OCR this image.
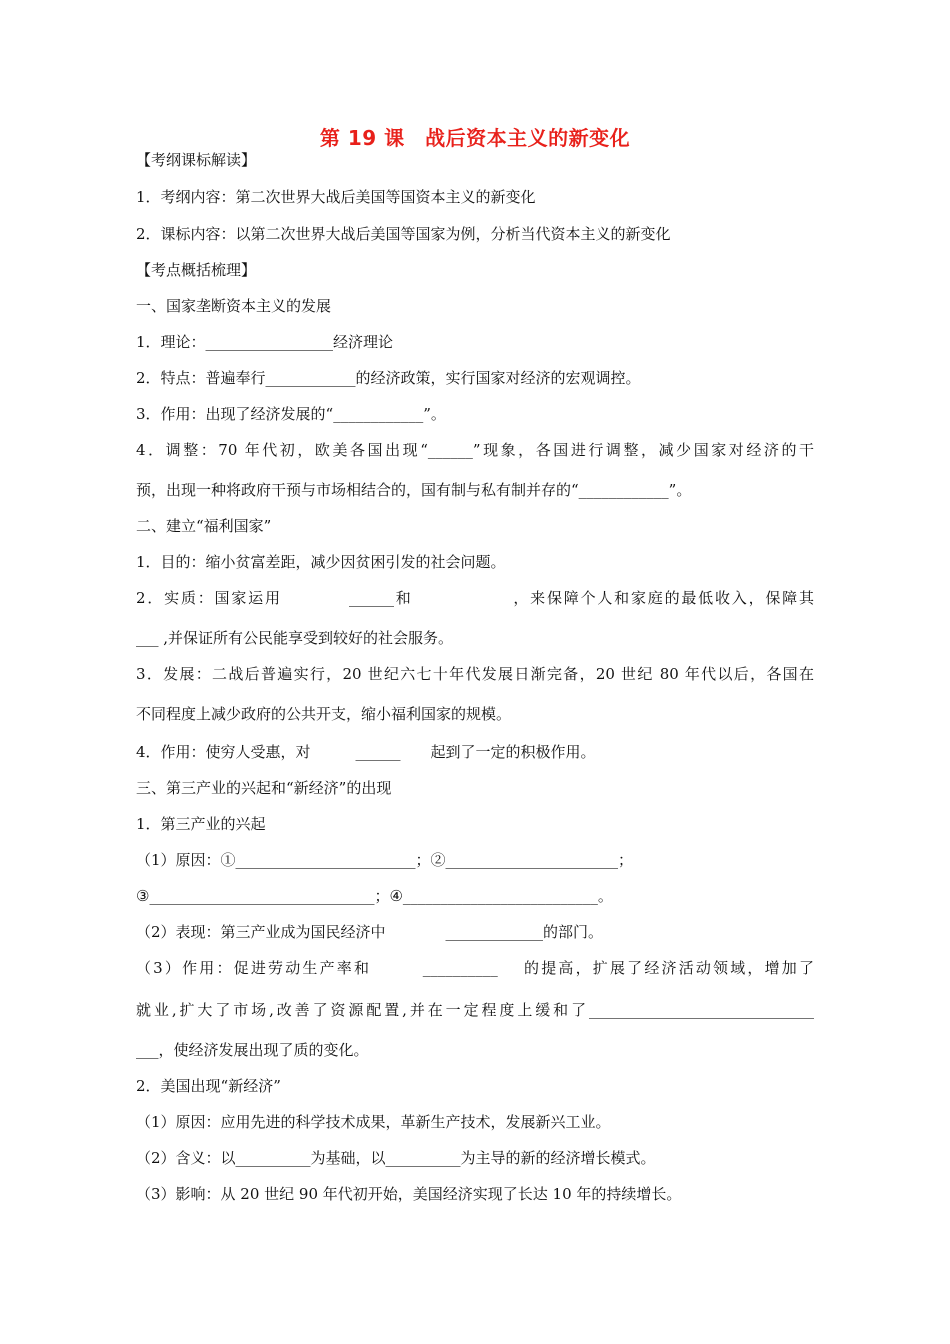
第 19 课　战后资本主义的新变化
【考纲课标解读】
1．考纲内容：第二次世界大战后美国等国资本主义的新变化
2．课标内容：以第二次世界大战后美国等国家为例，分析当代资本主义的新变化
【考点概括梳理】
一、国家垄断资本主义的发展
1．理论：_________________经济理论
2．特点：普遍奉行____________的经济政策，实行国家对经济的宏观调控。
3．作用：出现了经济发展的“____________”。
4．调整：70 年代初，欧美各国出现“______”现象，各国进行调整，减少国家对经济的干
预，出现一种将政府干预与市场相结合的，国有制与私有制并存的“____________”。
二、建立“福利国家”
1．目的：缩小贫富差距，减少因贫困引发的社会问题。
2．实质：国家运用　　　　______和　　　　　　，来保障个人和家庭的最低收入，保障其
___ ,并保证所有公民能享受到较好的社会服务。
3．发展：二战后普遍实行，20 世纪六七十年代发展日渐完备，20 世纪 80 年代以后，各国在
不同程度上减少政府的公共开支，缩小福利国家的规模。
4．作用：使穷人受惠，对　　　______　　起到了一定的积极作用。
三、第三产业的兴起和“新经济”的出现
1．第三产业的兴起
（1）原因：①________________________；②_______________________；
③______________________________；④__________________________。
（2）表现：第三产业成为国民经济中　　　　_____________的部门。
（3）作用：促进劳动生产率和　　　__________　 的提高，扩展了经济活动领域，增加了
就业,扩大了市场,改善了资源配置,并在一定程度上缓和了______________________________
___，使经济发展出现了质的变化。
2．美国出现“新经济”
（1）原因：应用先进的科学技术成果，革新生产技术，发展新兴工业。
（2）含义：以__________为基础，以__________为主导的新的经济增长模式。
（3）影响：从 20 世纪 90 年代初开始，美国经济实现了长达 10 年的持续增长。
